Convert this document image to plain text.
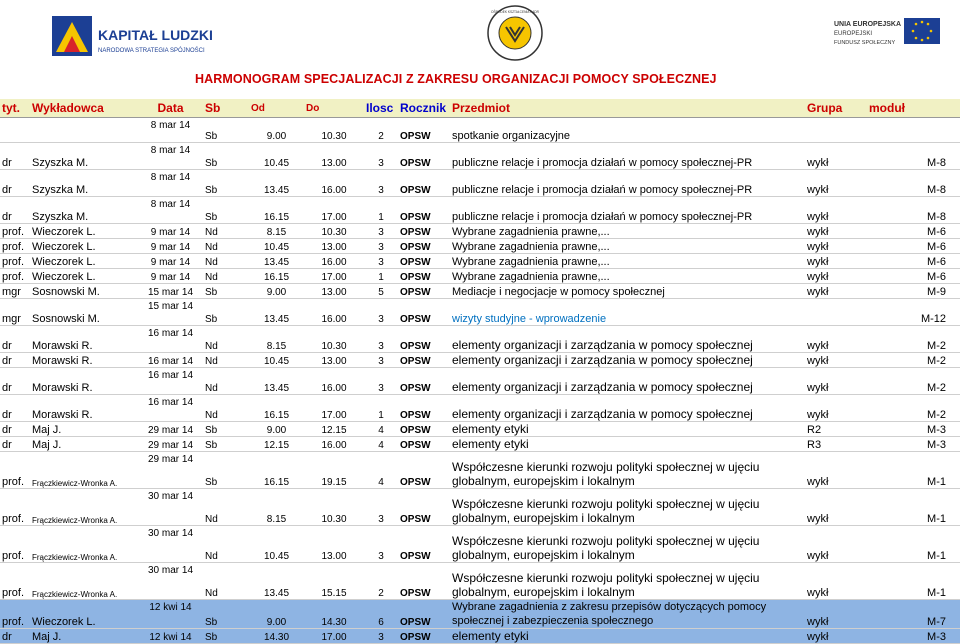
KAPITAŁ LUDZKI
NARODOWA STRATEGIA SPÓJNOŚCI
OŚRODEK KSZTAŁCENIA KADR
UNIA EUROPEJSKA
EUROPEJSKI
FUNDUSZ SPOŁECZNY
HARMONOGRAM SPECJALIZACJI Z ZAKRESU ORGANIZACJI POMOCY SPOŁECZNEJ
tyt.	Wykładowca	Data	Sb	Od	Do	Ilosc	Rocznik	Przedmiot	Grupa	moduł
		8 mar 14	Sb	9.00	10.30	2	OPSW	spotkanie organizacyjne		
dr	Szyszka M.	8 mar 14	Sb	10.45	13.00	3	OPSW	publiczne relacje i promocja działań w pomocy społecznej-PR	wykł	M-8
dr	Szyszka M.	8 mar 14	Sb	13.45	16.00	3	OPSW	publiczne relacje i promocja działań w pomocy społecznej-PR	wykł	M-8
dr	Szyszka M.	8 mar 14	Sb	16.15	17.00	1	OPSW	publiczne relacje i promocja działań w pomocy społecznej-PR	wykł	M-8
prof.	Wieczorek L.	9 mar 14	Nd	8.15	10.30	3	OPSW	Wybrane zagadnienia prawne,...	wykł	M-6
prof.	Wieczorek L.	9 mar 14	Nd	10.45	13.00	3	OPSW	Wybrane zagadnienia prawne,...	wykł	M-6
prof.	Wieczorek L.	9 mar 14	Nd	13.45	16.00	3	OPSW	Wybrane zagadnienia prawne,...	wykł	M-6
prof.	Wieczorek L.	9 mar 14	Nd	16.15	17.00	1	OPSW	Wybrane zagadnienia prawne,...	wykł	M-6
mgr	Sosnowski M.	15 mar 14	Sb	9.00	13.00	5	OPSW	Mediacje i negocjacje w pomocy społecznej	wykł	M-9
mgr	Sosnowski M.	15 mar 14	Sb	13.45	16.00	3	OPSW	wizyty studyjne - wprowadzenie		M-12
dr	Morawski R.	16 mar 14	Nd	8.15	10.30	3	OPSW	elementy organizacji i zarządzania w pomocy społecznej	wykł	M-2
dr	Morawski R.	16 mar 14	Nd	10.45	13.00	3	OPSW	elementy organizacji i zarządzania w pomocy społecznej	wykł	M-2
dr	Morawski R.	16 mar 14	Nd	13.45	16.00	3	OPSW	elementy organizacji i zarządzania w pomocy społecznej	wykł	M-2
dr	Morawski R.	16 mar 14	Nd	16.15	17.00	1	OPSW	elementy organizacji i zarządzania w pomocy społecznej	wykł	M-2
dr	Maj J.	29 mar 14	Sb	9.00	12.15	4	OPSW	elementy etyki	R2	M-3
dr	Maj J.	29 mar 14	Sb	12.15	16.00	4	OPSW	elementy etyki	R3	M-3
prof.	Frączkiewicz-Wronka A.	29 mar 14	Sb	16.15	19.15	4	OPSW	Współczesne kierunki rozwoju polityki społecznej w ujęciu globalnym, europejskim i lokalnym	wykł	M-1
prof.	Frączkiewicz-Wronka A.	30 mar 14	Nd	8.15	10.30	3	OPSW	Współczesne kierunki rozwoju polityki społecznej w ujęciu globalnym, europejskim i lokalnym	wykł	M-1
prof.	Frączkiewicz-Wronka A.	30 mar 14	Nd	10.45	13.00	3	OPSW	Współczesne kierunki rozwoju polityki społecznej w ujęciu globalnym, europejskim i lokalnym	wykł	M-1
prof.	Frączkiewicz-Wronka A.	30 mar 14	Nd	13.45	15.15	2	OPSW	Współczesne kierunki rozwoju polityki społecznej w ujęciu globalnym, europejskim i lokalnym	wykł	M-1
prof.	Wieczorek L.	12 kwi 14	Sb	9.00	14.30	6	OPSW	Wybrane zagadnienia z zakresu przepisów dotyczących pomocy społecznej i zabezpieczenia społecznego	wykł	M-7
dr	Maj J.	12 kwi 14	Sb	14.30	17.00	3	OPSW	elementy etyki	wykł	M-3
